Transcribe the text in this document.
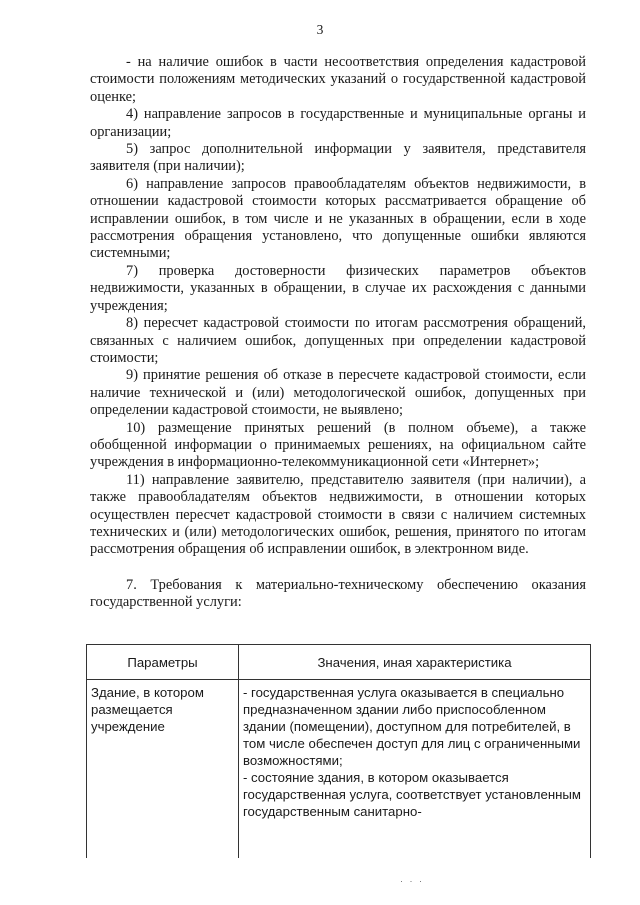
3

- на наличие ошибок в части несоответствия определения кадастровой стоимости положениям методических указаний о государственной кадастровой оценке;

4) направление запросов в государственные и муниципальные органы и организации;

5) запрос дополнительной информации у заявителя, представителя заявителя (при наличии);

6) направление запросов правообладателям объектов недвижимости, в отношении кадастровой стоимости которых рассматривается обращение об исправлении ошибок, в том числе и не указанных в обращении, если в ходе рассмотрения обращения установлено, что допущенные ошибки являются системными;

7) проверка достоверности физических параметров объектов недвижимости, указанных в обращении, в случае их расхождения с данными учреждения;

8) пересчет кадастровой стоимости по итогам рассмотрения обращений, связанных с наличием ошибок, допущенных при определении кадастровой стоимости;

9) принятие решения об отказе в пересчете кадастровой стоимости, если наличие технической и (или) методологической ошибок, допущенных при определении кадастровой стоимости, не выявлено;

10) размещение принятых решений (в полном объеме), а также обобщенной информации о принимаемых решениях, на официальном сайте учреждения в информационно-телекоммуникационной сети «Интернет»;

11) направление заявителю, представителю заявителя (при наличии), а также правообладателям объектов недвижимости, в отношении которых осуществлен пересчет кадастровой стоимости в связи с наличием системных технических и (или) методологических ошибок, решения, принятого по итогам рассмотрения обращения об исправлении ошибок, в электронном виде.

7. Требования к материально-техническому обеспечению оказания государственной услуги:

Параметры	Значения, иная характеристика
Здание, в котором размещается учреждение	- государственная услуга оказывается в специально предназначенном здании либо приспособленном здании (помещении), доступном для потребителей, в том числе обеспечен доступ для лиц с ограниченными возможностями;
- состояние здания, в котором оказывается государственная услуга, соответствует установленным государственным санитарно-
· · ·
